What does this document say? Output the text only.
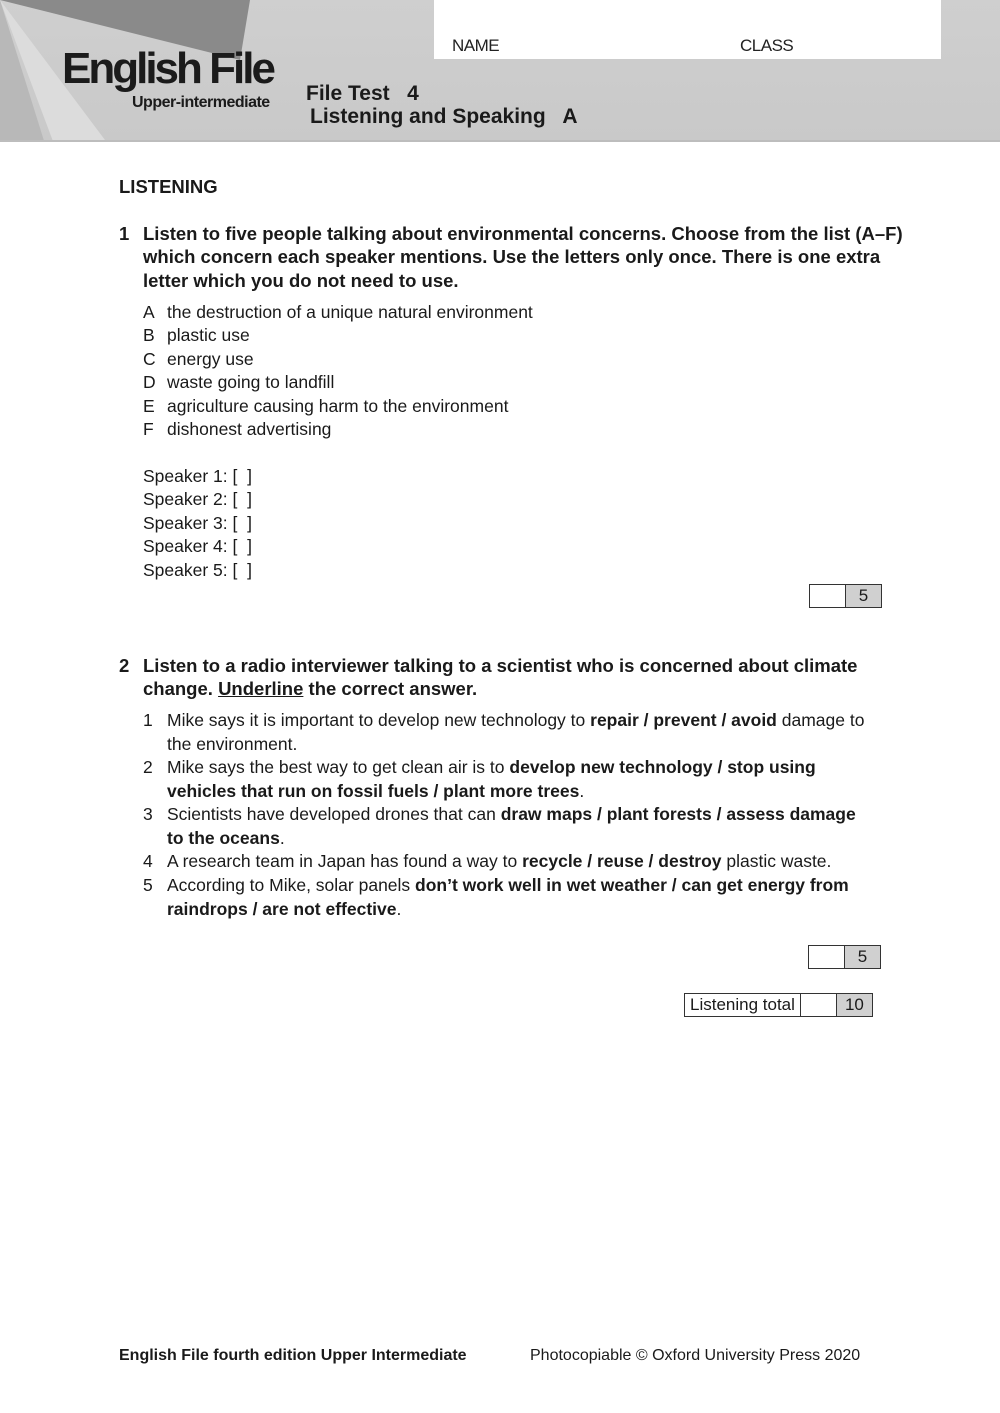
NAME	CLASS
English File
Upper-intermediate File Test   4
Listening and Speaking   A
LISTENING
1 Listen to five people talking about environmental concerns. Choose from the list (A–F) which concern each speaker mentions. Use the letters only once. There is one extra letter which you do not need to use.
A the destruction of a unique natural environment
B plastic use
C energy use
D waste going to landfill
E agriculture causing harm to the environment
F dishonest advertising
Speaker 1: [  ]
Speaker 2: [  ]
Speaker 3: [  ]
Speaker 4: [  ]
Speaker 5: [  ]
5
2 Listen to a radio interviewer talking to a scientist who is concerned about climate change. Underline the correct answer.
1 Mike says it is important to develop new technology to repair / prevent / avoid damage to the environment.
2 Mike says the best way to get clean air is to develop new technology / stop using vehicles that run on fossil fuels / plant more trees.
3 Scientists have developed drones that can draw maps / plant forests / assess damage to the oceans.
4 A research team in Japan has found a way to recycle / reuse / destroy plastic waste.
5 According to Mike, solar panels don’t work well in wet weather / can get energy from raindrops / are not effective.
5
Listening total	10
English File fourth edition Upper Intermediate	Photocopiable © Oxford University Press 2020
